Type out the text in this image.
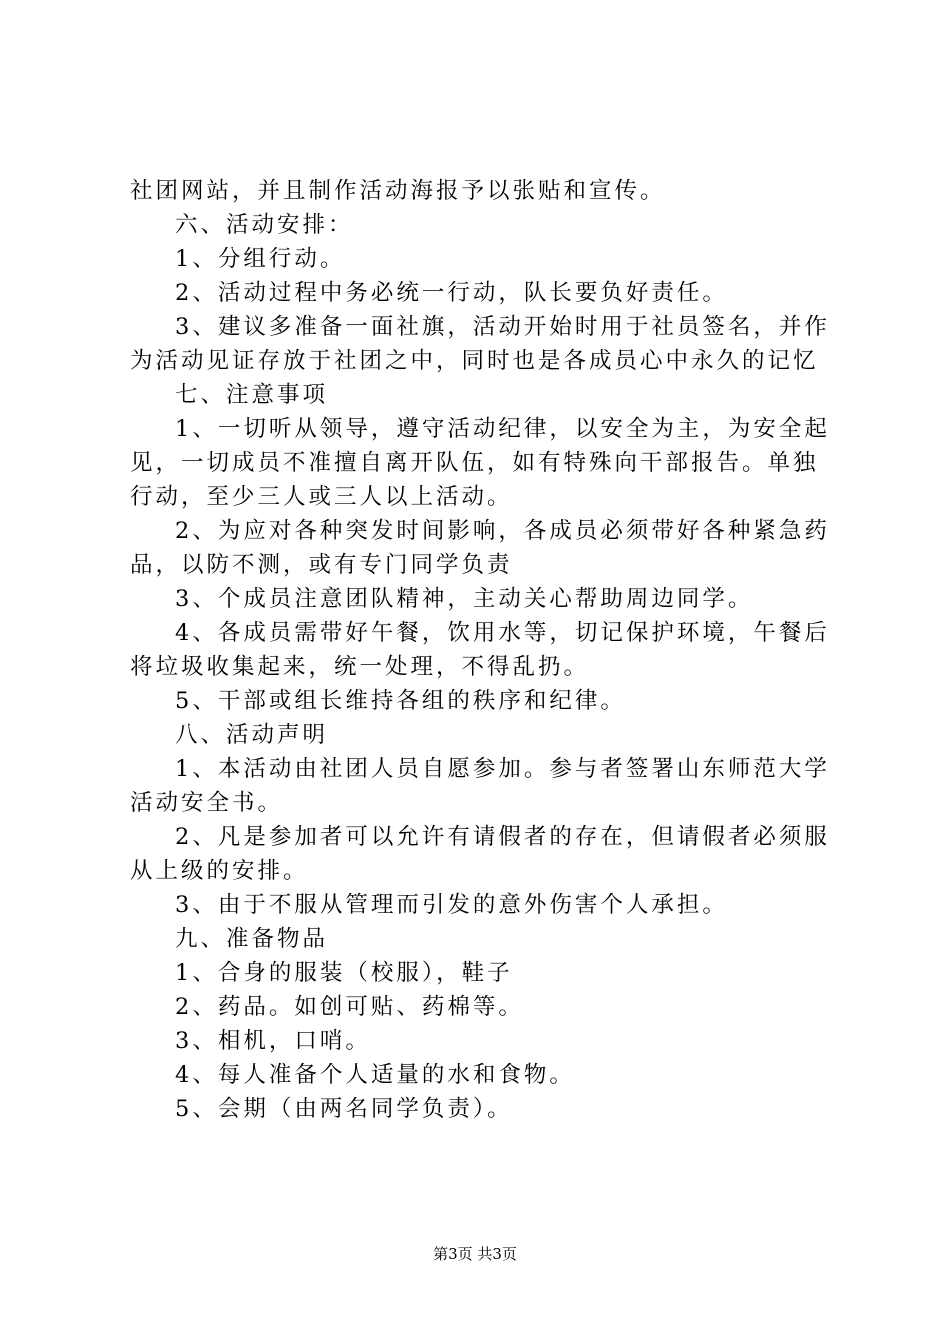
社团网站，并且制作活动海报予以张贴和宣传。
六、活动安排：
1、分组行动。
2、活动过程中务必统一行动，队长要负好责任。
3、建议多准备一面社旗，活动开始时用于社员签名，并作
为活动见证存放于社团之中，同时也是各成员心中永久的记忆
七、注意事项
1、一切听从领导，遵守活动纪律，以安全为主，为安全起
见，一切成员不准擅自离开队伍，如有特殊向干部报告。单独
行动，至少三人或三人以上活动。
2、为应对各种突发时间影响，各成员必须带好各种紧急药
品，以防不测，或有专门同学负责
3、个成员注意团队精神，主动关心帮助周边同学。
4、各成员需带好午餐，饮用水等，切记保护环境，午餐后
将垃圾收集起来，统一处理，不得乱扔。
5、干部或组长维持各组的秩序和纪律。
八、活动声明
1、本活动由社团人员自愿参加。参与者签署山东师范大学
活动安全书。
2、凡是参加者可以允许有请假者的存在，但请假者必须服
从上级的安排。
3、由于不服从管理而引发的意外伤害个人承担。
九、准备物品
1、合身的服装（校服），鞋子
2、药品。如创可贴、药棉等。
3、相机，口哨。
4、每人准备个人适量的水和食物。
5、会期（由两名同学负责）。
第3页 共3页
